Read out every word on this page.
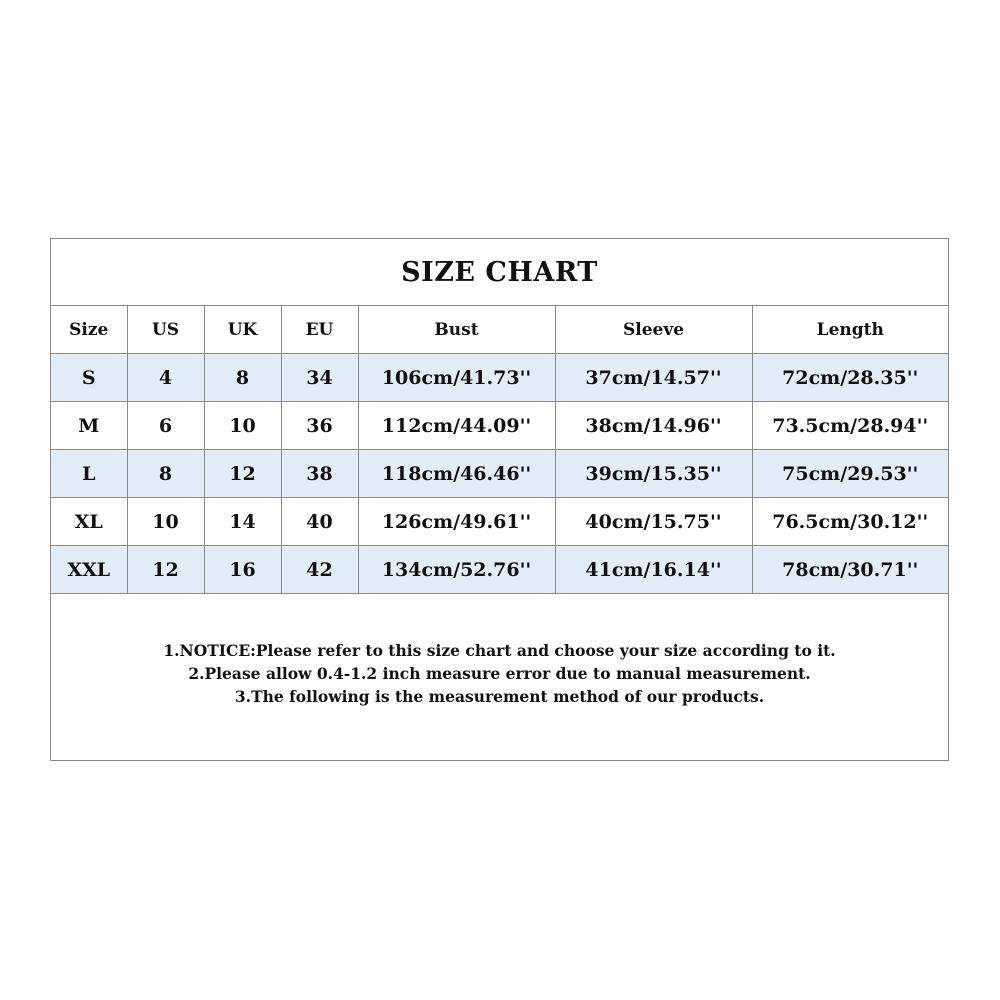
SIZE CHART
Size	US	UK	EU	Bust	Sleeve	Length
S	4	8	34	106cm/41.73''	37cm/14.57''	72cm/28.35''
M	6	10	36	112cm/44.09''	38cm/14.96''	73.5cm/28.94''
L	8	12	38	118cm/46.46''	39cm/15.35''	75cm/29.53''
XL	10	14	40	126cm/49.61''	40cm/15.75''	76.5cm/30.12''
XXL	12	16	42	134cm/52.76''	41cm/16.14''	78cm/30.71''
1.NOTICE:Please refer to this size chart and choose your size according to it.
2.Please allow 0.4-1.2 inch measure error due to manual measurement.
3.The following is the measurement method of our products.
